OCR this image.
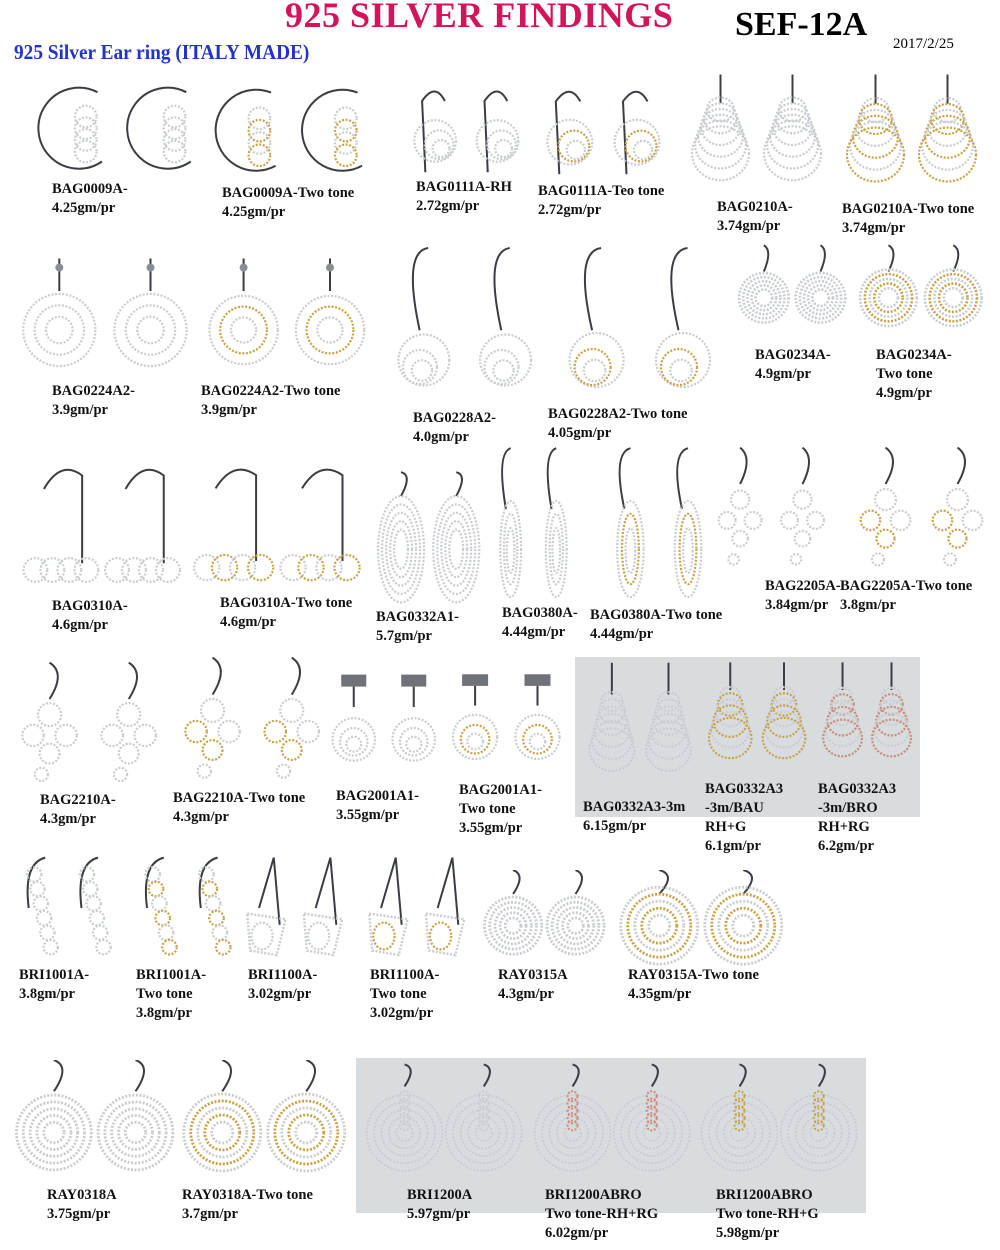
925 SILVER FINDINGS SEF-12A
2017/2/25
925 Silver Ear ring (ITALY MADE)
BAG0009A-
4.25gm/pr
BAG0009A-Two tone
4.25gm/pr
BAG0111A-RH
2.72gm/pr
BAG0111A-Teo tone
2.72gm/pr	BAG0210A-
3.74gm/pr
BAG0210A-Two tone
3.74gm/pr
BAG0224A2-
3.9gm/pr
BAG0224A2-Two tone
3.9gm/pr	BAG0228A2-
4.0gm/pr
BAG0228A2-Two tone
4.05gm/pr
BAG0234A-
4.9gm/pr
BAG0234A-
Two tone
4.9gm/pr
BAG0310A-
4.6gm/pr
BAG0310A-Two tone
4.6gm/pr	BAG0332A1-
5.7gm/pr
BAG0380A-
4.44gm/pr
BAG0380A-Two tone
4.44gm/pr
BAG2205A-
3.84gm/pr
BAG2205A-Two tone
3.8gm/pr
BAG2210A-
4.3gm/pr
BAG2210A-Two tone
4.3gm/pr
BAG2001A1-
3.55gm/pr
BAG2001A1-
Two tone
3.55gm/pr
BAG0332A3-3m
6.15gm/pr
BAG0332A3
-3m/BAU
RH+G
6.1gm/pr
BAG0332A3
-3m/BRO
RH+RG
6.2gm/pr
BRI1001A-
3.8gm/pr
BRI1001A-
Two tone
3.8gm/pr
BRI1100A-
3.02gm/pr
BRI1100A-
Two tone
3.02gm/pr
RAY0315A
4.3gm/pr
RAY0315A-Two tone
4.35gm/pr
RAY0318A
3.75gm/pr
RAY0318A-Two tone
3.7gm/pr
BRI1200A
5.97gm/pr
BRI1200ABRO
Two tone-RH+RG
6.02gm/pr
BRI1200ABRO
Two tone-RH+G
5.98gm/pr
